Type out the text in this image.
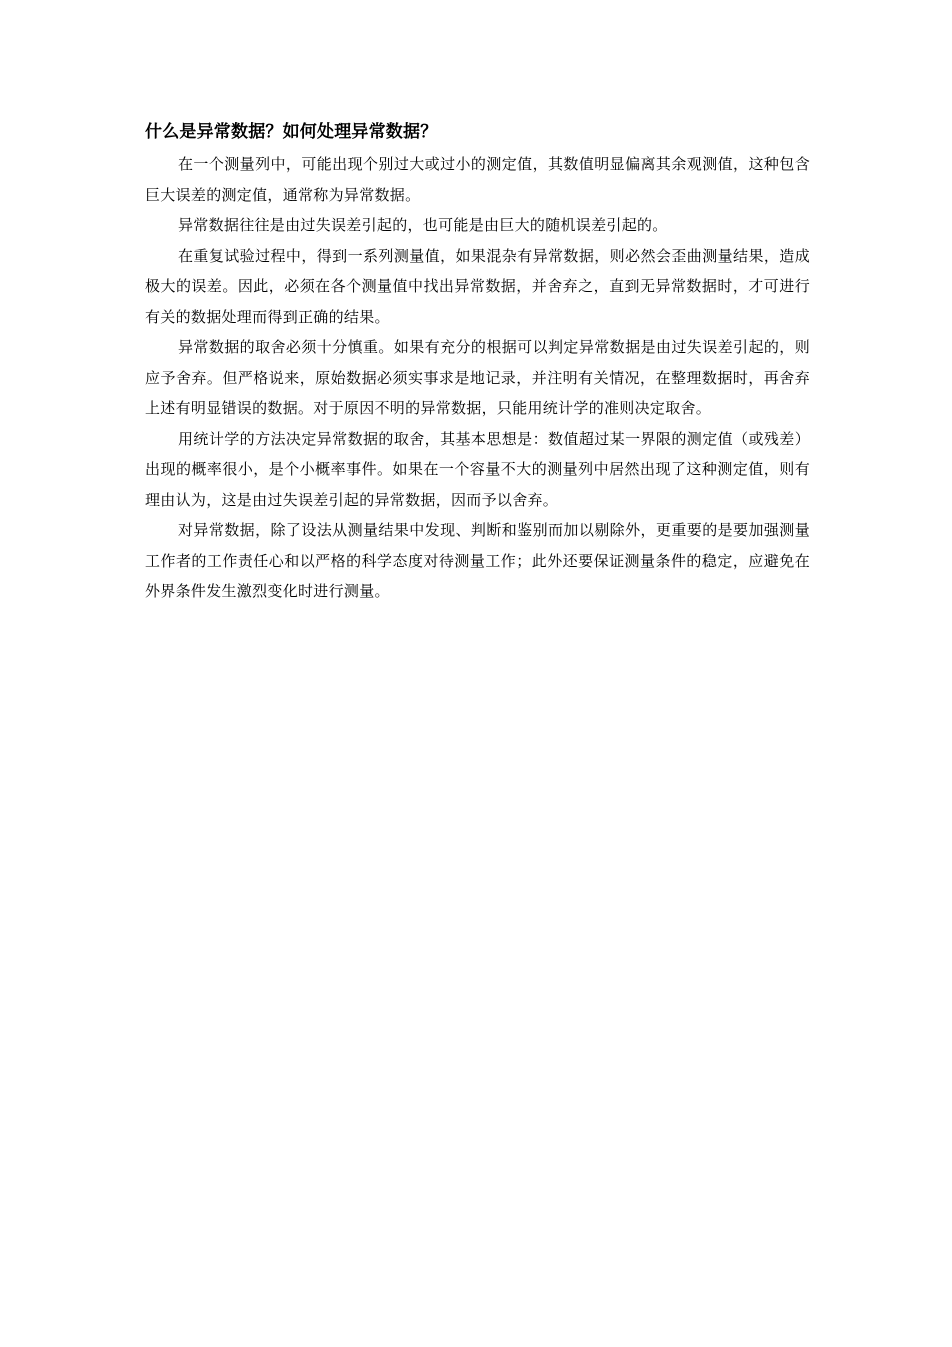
什么是异常数据？如何处理异常数据？

在一个测量列中，可能出现个别过大或过小的测定值，其数值明显偏离其余观测值，这种包含巨大误差的测定值，通常称为异常数据。

异常数据往往是由过失误差引起的，也可能是由巨大的随机误差引起的。

在重复试验过程中，得到一系列测量值，如果混杂有异常数据，则必然会歪曲测量结果，造成极大的误差。因此，必须在各个测量值中找出异常数据，并舍弃之，直到无异常数据时，才可进行有关的数据处理而得到正确的结果。

异常数据的取舍必须十分慎重。如果有充分的根据可以判定异常数据是由过失误差引起的，则应予舍弃。但严格说来，原始数据必须实事求是地记录，并注明有关情况，在整理数据时，再舍弃上述有明显错误的数据。对于原因不明的异常数据，只能用统计学的准则决定取舍。

用统计学的方法决定异常数据的取舍，其基本思想是：数值超过某一界限的测定值（或残差）出现的概率很小，是个小概率事件。如果在一个容量不大的测量列中居然出现了这种测定值，则有理由认为，这是由过失误差引起的异常数据，因而予以舍弃。

对异常数据，除了设法从测量结果中发现、判断和鉴别而加以剔除外，更重要的是要加强测量工作者的工作责任心和以严格的科学态度对待测量工作；此外还要保证测量条件的稳定，应避免在外界条件发生激烈变化时进行测量。
